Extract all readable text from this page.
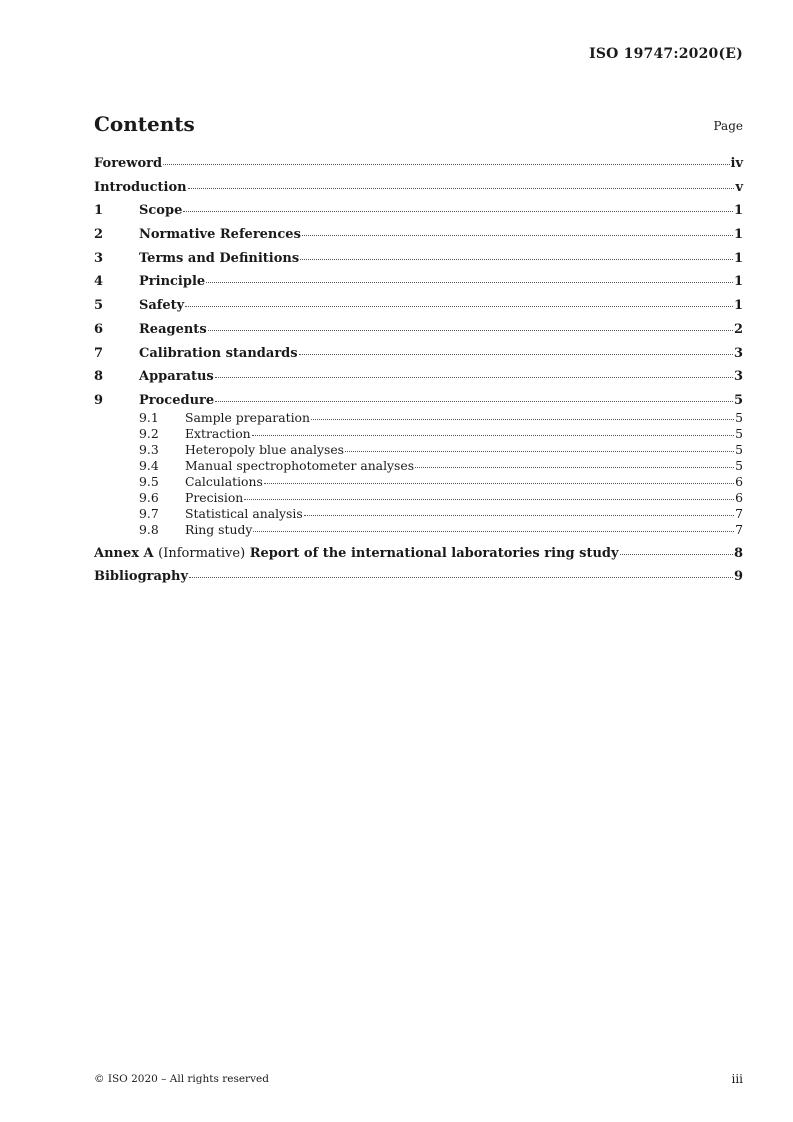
ISO 19747:2020(E)
Contents	Page
Foreword	iv
Introduction	v
1	Scope	1
2	Normative References	1
3	Terms and Definitions	1
4	Principle	1
5	Safety	1
6	Reagents	2
7	Calibration standards	3
8	Apparatus	3
9	Procedure	5
9.1	Sample preparation	5
9.2	Extraction	5
9.3	Heteropoly blue analyses	5
9.4	Manual spectrophotometer analyses	5
9.5	Calculations	6
9.6	Precision	6
9.7	Statistical analysis	7
9.8	Ring study	7
Annex A (Informative) Report of the international laboratories ring study	8
Bibliography	9
© ISO 2020 – All rights reserved	iii
